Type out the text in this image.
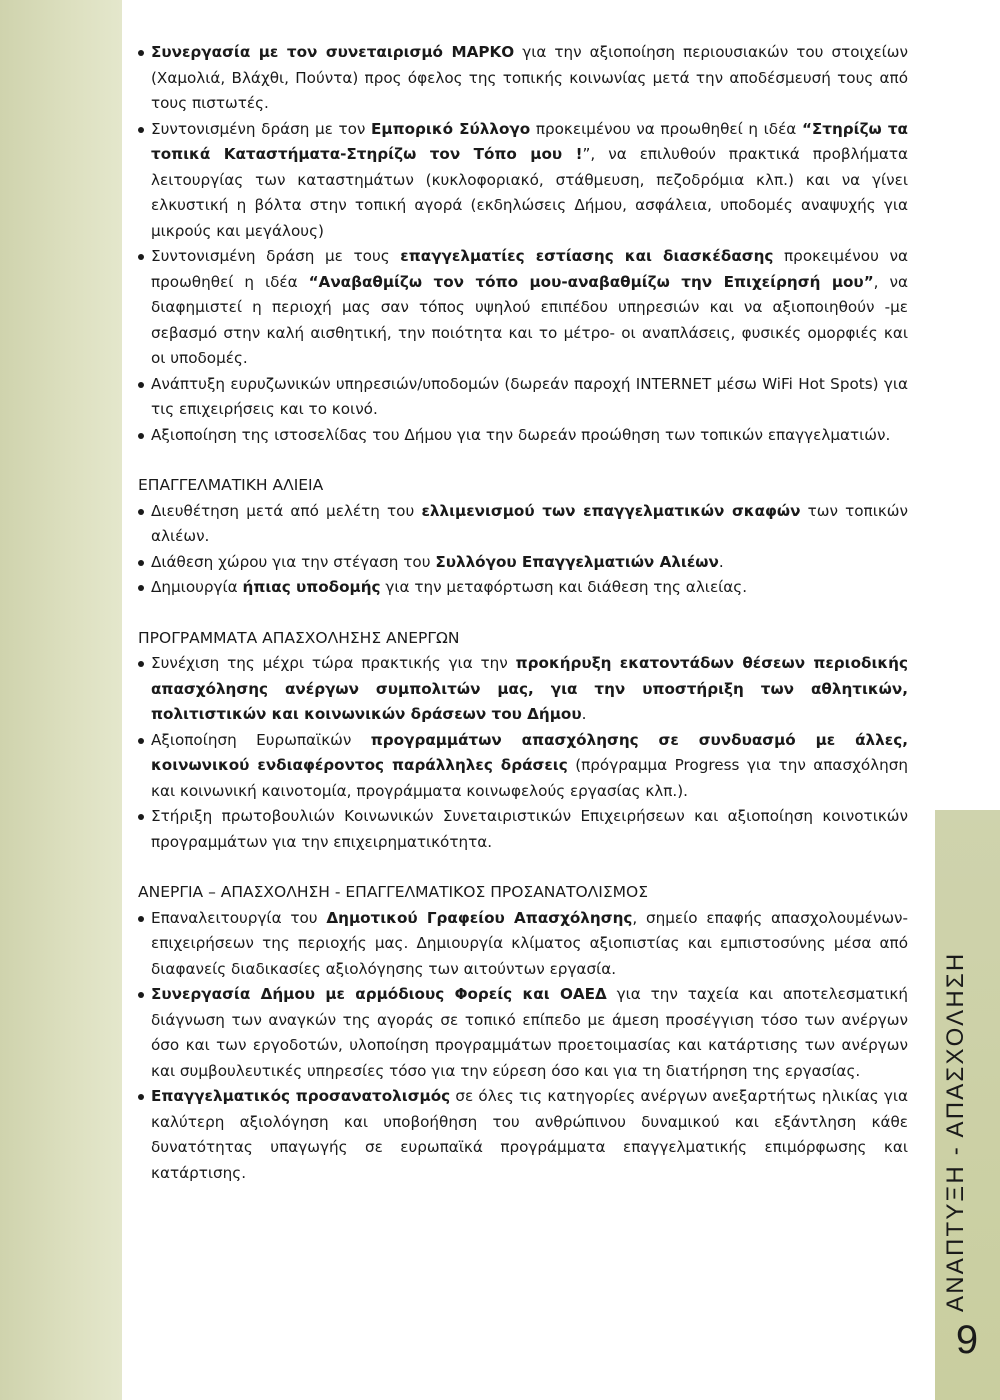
ΑΝΑΠΤΥΞΗ - ΑΠΑΣΧΟΛΗΣΗ
9

Συνεργασία με τον συνεταιρισμό ΜΑΡΚΟ για την αξιοποίηση περιουσιακών του στοιχείων (Χαμολιά, Βλάχθι, Πούντα) προς όφελος της τοπικής κοινωνίας μετά την αποδέσμευσή τους από τους πιστωτές.

Συντονισμένη δράση με τον Εμπορικό Σύλλογο προκειμένου να προωθηθεί η ιδέα “Στηρίζω τα τοπικά Καταστήματα-Στηρίζω τον Τόπο μου !”, να επιλυθούν πρακτικά προβλήματα λειτουργίας των καταστημάτων (κυκλοφοριακό, στάθμευση, πεζοδρόμια κλπ.) και να γίνει ελκυστική η βόλτα στην τοπική αγορά (εκδηλώσεις Δήμου, ασφάλεια, υποδομές αναψυχής για μικρούς και μεγάλους)

Συντονισμένη δράση με τους επαγγελματίες εστίασης και διασκέδασης προκειμένου να προωθηθεί η ιδέα “Αναβαθμίζω τον τόπο μου-αναβαθμίζω την Επιχείρησή μου”, να διαφημιστεί η περιοχή μας σαν τόπος υψηλού επιπέδου υπηρεσιών και να αξιοποιηθούν -με σεβασμό στην καλή αισθητική, την ποιότητα και το μέτρο- οι αναπλάσεις, φυσικές ομορφιές και οι υποδομές.

Ανάπτυξη ευρυζωνικών υπηρεσιών/υποδομών (δωρεάν παροχή INTERNET μέσω WiFi Hot Spots) για τις επιχειρήσεις και το κοινό.

Αξιοποίηση της ιστοσελίδας του Δήμου για την δωρεάν προώθηση των τοπικών επαγγελματιών.

ΕΠΑΓΓΕΛΜΑΤΙΚΗ ΑΛΙΕΙΑ

Διευθέτηση μετά από μελέτη του ελλιμενισμού των επαγγελματικών σκαφών των τοπικών αλιέων.

Διάθεση χώρου για την στέγαση του Συλλόγου Επαγγελματιών Αλιέων.

Δημιουργία ήπιας υποδομής για την μεταφόρτωση και διάθεση της αλιείας.

ΠΡΟΓΡΑΜΜΑΤΑ ΑΠΑΣΧΟΛΗΣΗΣ ΑΝΕΡΓΩΝ

Συνέχιση της μέχρι τώρα πρακτικής για την προκήρυξη εκατοντάδων θέσεων περιοδικής απασχόλησης ανέργων συμπολιτών μας, για την υποστήριξη των αθλητικών, πολιτιστικών και κοινωνικών δράσεων του Δήμου.

Αξιοποίηση Ευρωπαϊκών προγραμμάτων απασχόλησης σε συνδυασμό με άλλες, κοινωνικού ενδιαφέροντος παράλληλες δράσεις (πρόγραμμα Progress για την απασχόληση και κοινωνική καινοτομία, προγράμματα κοινωφελούς εργασίας κλπ.).

Στήριξη πρωτοβουλιών Κοινωνικών Συνεταιριστικών Επιχειρήσεων και αξιοποίηση κοινοτικών προγραμμάτων για την επιχειρηματικότητα.

ΑΝΕΡΓΙΑ – ΑΠΑΣΧΟΛΗΣΗ - ΕΠΑΓΓΕΛΜΑΤΙΚΟΣ ΠΡΟΣΑΝΑΤΟΛΙΣΜΟΣ

Επαναλειτουργία του Δημοτικού Γραφείου Απασχόλησης, σημείο επαφής απασχολουμένων-επιχειρήσεων της περιοχής μας. Δημιουργία κλίματος αξιοπιστίας και εμπιστοσύνης μέσα από διαφανείς διαδικασίες αξιολόγησης των αιτούντων εργασία.

Συνεργασία Δήμου με αρμόδιους Φορείς και ΟΑΕΔ για την ταχεία και αποτελεσματική διάγνωση των αναγκών της αγοράς σε τοπικό επίπεδο με άμεση προσέγγιση τόσο των ανέργων όσο και των εργοδοτών, υλοποίηση προγραμμάτων προετοιμασίας και κατάρτισης των ανέργων και συμβουλευτικές υπηρεσίες τόσο για την εύρεση όσο και για τη διατήρηση της εργασίας.

Επαγγελματικός προσανατολισμός σε όλες τις κατηγορίες ανέργων ανεξαρτήτως ηλικίας για καλύτερη αξιολόγηση και υποβοήθηση του ανθρώπινου δυναμικού και εξάντληση κάθε δυνατότητας υπαγωγής σε ευρωπαϊκά προγράμματα επαγγελματικής επιμόρφωσης και κατάρτισης.
